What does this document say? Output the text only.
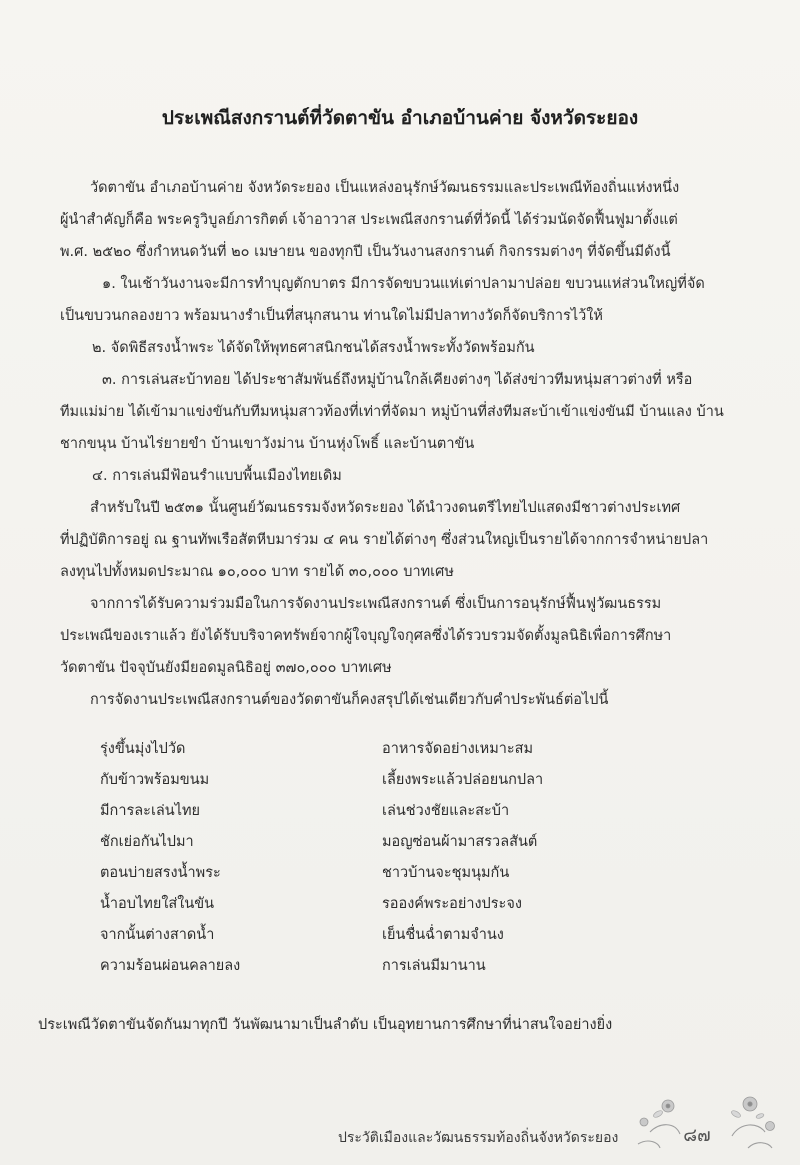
ประเพณีสงกรานต์ที่วัดตาขัน อำเภอบ้านค่าย จังหวัดระยอง

วัดตาขัน อำเภอบ้านค่าย จังหวัดระยอง เป็นแหล่งอนุรักษ์วัฒนธรรมและประเพณีท้องถิ่นแห่งหนึ่ง

ผู้นำสำคัญก็คือ พระครูวิบูลย์ภารกิตต์ เจ้าอาวาส ประเพณีสงกรานต์ที่วัดนี้ ได้ร่วมนัดจัดฟื้นฟูมาตั้งแต่

พ.ศ. ๒๕๒๐ ซึ่งกำหนดวันที่ ๒๐ เมษายน ของทุกปี เป็นวันงานสงกรานต์ กิจกรรมต่างๆ ที่จัดขึ้นมีดังนี้

๑. ในเช้าวันงานจะมีการทำบุญตักบาตร มีการจัดขบวนแห่เต่าปลามาปล่อย ขบวนแห่ส่วนใหญ่ที่จัด

เป็นขบวนกลองยาว พร้อมนางรำเป็นที่สนุกสนาน ท่านใดไม่มีปลาทางวัดก็จัดบริการไว้ให้

๒. จัดพิธีสรงน้ำพระ ได้จัดให้พุทธศาสนิกชนได้สรงน้ำพระทั้งวัดพร้อมกัน

๓. การเล่นสะบ้าทอย ได้ประชาสัมพันธ์ถึงหมู่บ้านใกล้เคียงต่างๆ ได้ส่งข่าวทีมหนุ่มสาวต่างที่ หรือ

ทีมแม่ม่าย ได้เข้ามาแข่งขันกับทีมหนุ่มสาวท้องที่เท่าที่จัดมา หมู่บ้านที่ส่งทีมสะบ้าเข้าแข่งขันมี บ้านแลง บ้าน

ชากขนุน บ้านไร่ยายขำ บ้านเขาวังม่าน บ้านหุ่งโพธิ์ และบ้านตาขัน

๔. การเล่นมีฟ้อนรำแบบพื้นเมืองไทยเดิม

สำหรับในปี ๒๕๓๑ นั้นศูนย์วัฒนธรรมจังหวัดระยอง ได้นำวงดนตรีไทยไปแสดงมีชาวต่างประเทศ

ที่ปฏิบัติการอยู่ ณ ฐานทัพเรือสัตหีบมาร่วม ๔ คน รายได้ต่างๆ ซึ่งส่วนใหญ่เป็นรายได้จากการจำหน่ายปลา

ลงทุนไปทั้งหมดประมาณ ๑๐,๐๐๐ บาท รายได้ ๓๐,๐๐๐ บาทเศษ

จากการได้รับความร่วมมือในการจัดงานประเพณีสงกรานต์ ซึ่งเป็นการอนุรักษ์ฟื้นฟูวัฒนธรรม

ประเพณีของเราแล้ว ยังได้รับบริจาคทรัพย์จากผู้ใจบุญใจกุศลซึ่งได้รวบรวมจัดตั้งมูลนิธิเพื่อการศึกษา

วัดตาขัน ปัจจุบันยังมียอดมูลนิธิอยู่ ๓๗๐,๐๐๐ บาทเศษ

การจัดงานประเพณีสงกรานต์ของวัดตาขันก็คงสรุปได้เช่นเดียวกับคำประพันธ์ต่อไปนี้

รุ่งขึ้นมุ่งไปวัด	อาหารจัดอย่างเหมาะสม
กับข้าวพร้อมขนม	เลี้ยงพระแล้วปล่อยนกปลา
มีการละเล่นไทย	เล่นช่วงชัยและสะบ้า
ชักเย่อกันไปมา	มอญซ่อนผ้ามาสรวลสันต์
ตอนบ่ายสรงน้ำพระ	ชาวบ้านจะชุมนุมกัน
น้ำอบไทยใส่ในขัน	รอองค์พระอย่างประจง
จากนั้นต่างสาดน้ำ	เย็นชื่นฉ่ำตามจำนง
ความร้อนผ่อนคลายลง	การเล่นมีมานาน
ประเพณีวัดตาขันจัดกันมาทุกปี วันพัฒนามาเป็นลำดับ เป็นอุทยานการศึกษาที่น่าสนใจอย่างยิ่ง
๘๗
ประวัติเมืองและวัฒนธรรมท้องถิ่นจังหวัดระยอง
